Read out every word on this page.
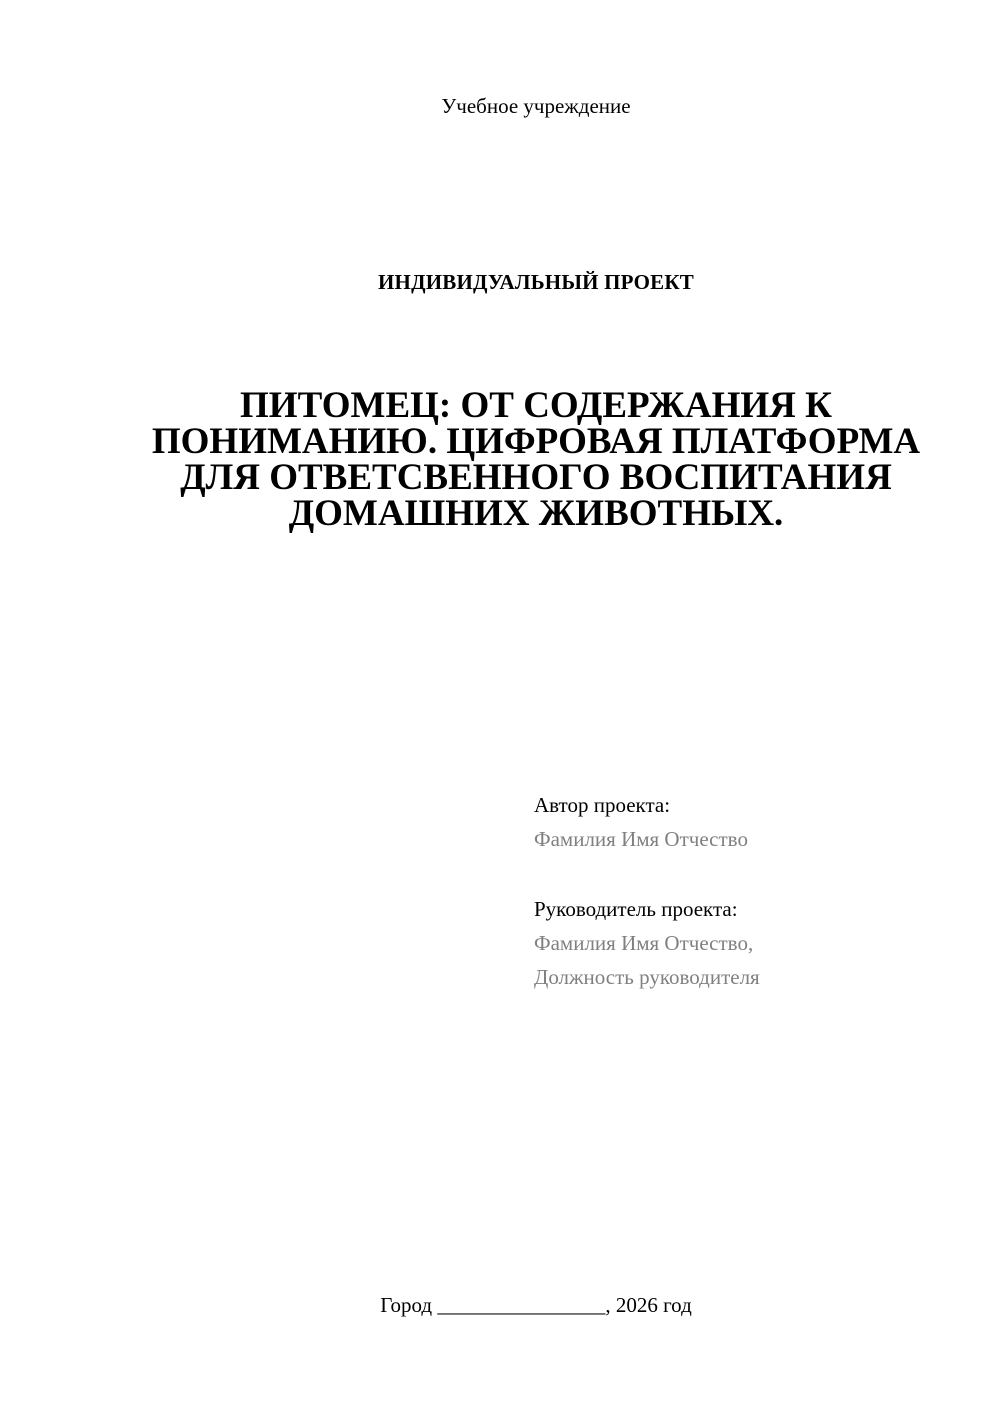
Учебное учреждение
ИНДИВИДУАЛЬНЫЙ ПРОЕКТ
ПИТОМЕЦ: ОТ СОДЕРЖАНИЯ К ПОНИМАНИЮ. ЦИФРОВАЯ ПЛАТФОРМА ДЛЯ ОТВЕТСВЕННОГО ВОСПИТАНИЯ ДОМАШНИХ ЖИВОТНЫХ.
Автор проекта:
Фамилия Имя Отчество
Руководитель проекта:
Фамилия Имя Отчество,
Должность руководителя
Город ________________, 2026 год
